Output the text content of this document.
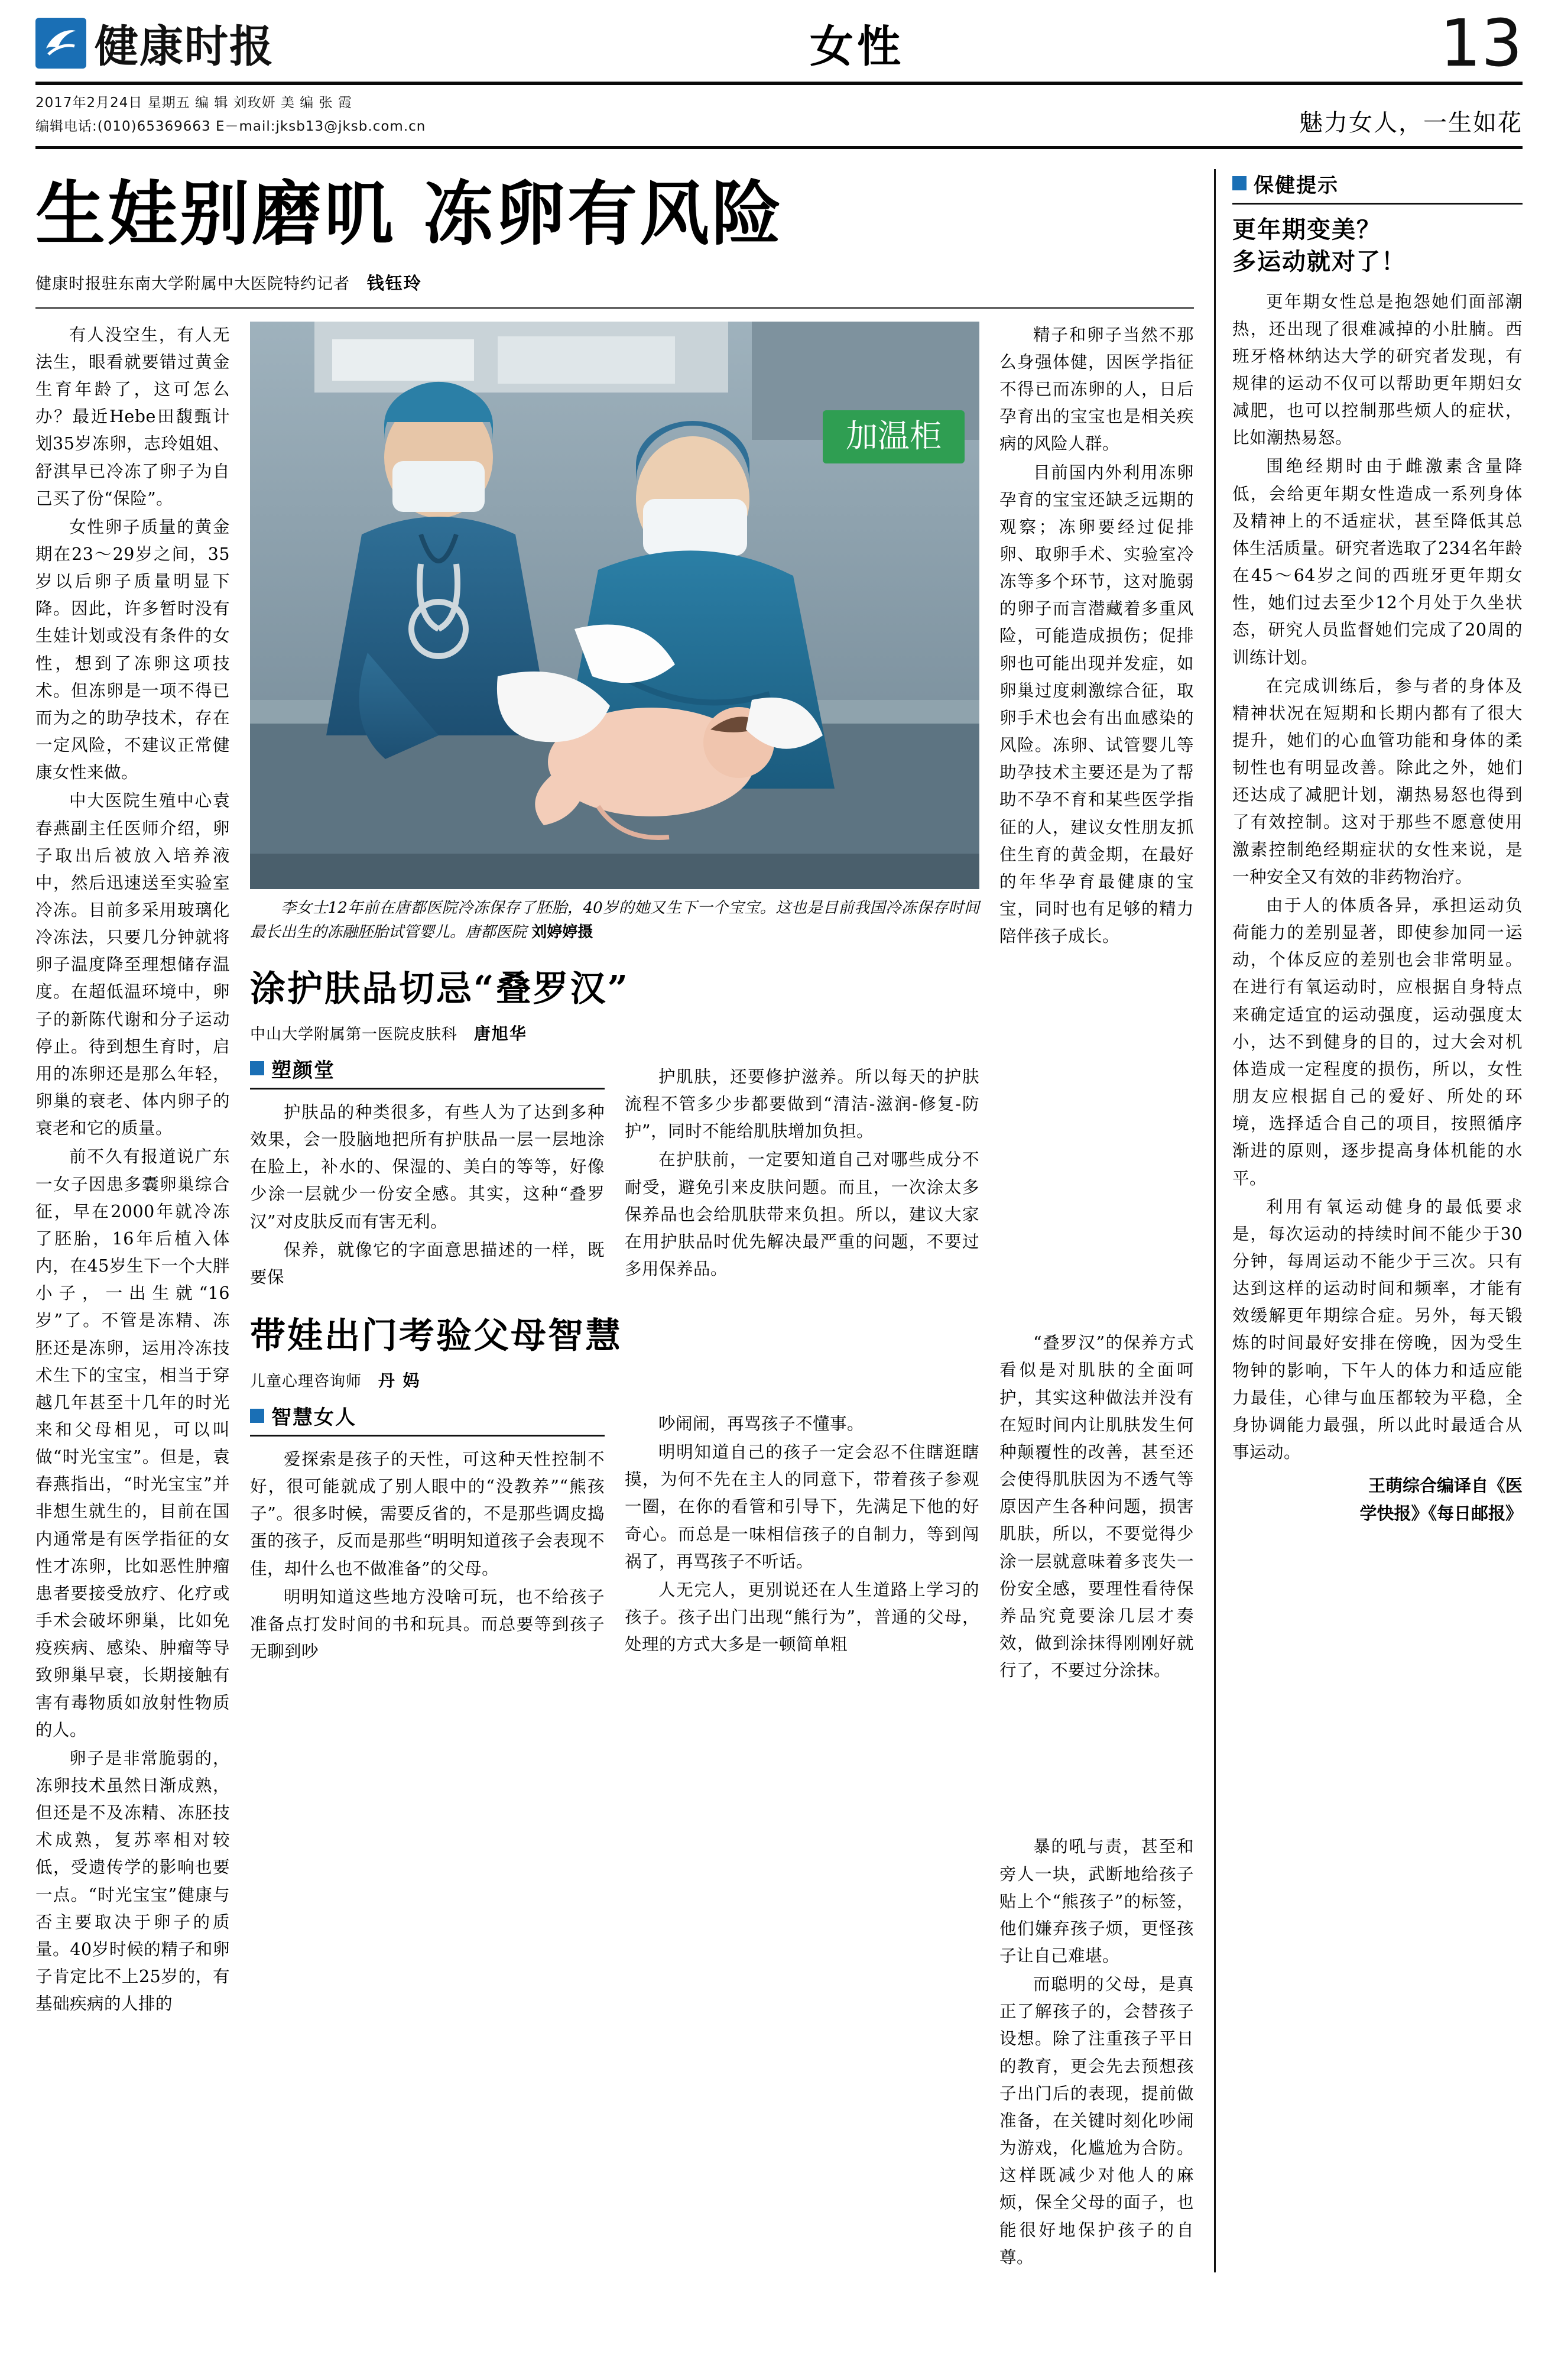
健康时报	女性	13
2017年2月24日 星期五 编 辑 刘玫妍 美 编 张 霞
编辑电话:(010)65369663 E－mail:jksb13@jksb.com.cn	魅力女人，一生如花
生娃别磨叽 冻卵有风险
健康时报驻东南大学附属中大医院特约记者 钱钰玲

有人没空生，有人无法生，眼看就要错过黄金生育年龄了，这可怎么办？最近Hebe田馥甄计划35岁冻卵，志玲姐姐、舒淇早已冷冻了卵子为自己买了份“保险”。

女性卵子质量的黄金期在23～29岁之间，35岁以后卵子质量明显下降。因此，许多暂时没有生娃计划或没有条件的女性，想到了冻卵这项技术。但冻卵是一项不得已而为之的助孕技术，存在一定风险，不建议正常健康女性来做。

中大医院生殖中心袁春燕副主任医师介绍，卵子取出后被放入培养液中，然后迅速送至实验室冷冻。目前多采用玻璃化冷冻法，只要几分钟就将卵子温度降至理想储存温度。在超低温环境中，卵子的新陈代谢和分子运动停止。待到想生育时，启用的冻卵还是那么年轻，卵巢的衰老、体内卵子的衰老和它的质量。

前不久有报道说广东一女子因患多囊卵巢综合征，早在2000年就冷冻了胚胎，16年后植入体内，在45岁生下一个大胖小子，一出生就“16岁”了。不管是冻精、冻胚还是冻卵，运用冷冻技术生下的宝宝，相当于穿越几年甚至十几年的时光来和父母相见，可以叫做“时光宝宝”。但是，袁春燕指出，“时光宝宝”并非想生就生的，目前在国内通常是有医学指征的女性才冻卵，比如恶性肿瘤患者要接受放疗、化疗或手术会破坏卵巢，比如免疫疾病、感染、肿瘤等导致卵巢早衰，长期接触有害有毒物质如放射性物质的人。

卵子是非常脆弱的，冻卵技术虽然日渐成熟，但还是不及冻精、冻胚技术成熟，复苏率相对较低，受遗传学的影响也要一点。“时光宝宝”健康与否主要取决于卵子的质量。40岁时候的精子和卵子肯定比不上25岁的，有基础疾病的人排的

加温柜

李女士12年前在唐都医院冷冻保存了胚胎，40岁的她又生下一个宝宝。这也是目前我国冷冻保存时间最长出生的冻融胚胎试管婴儿。唐都医院 刘婷婷摄

涂护肤品切忌“叠罗汉”
中山大学附属第一医院皮肤科 唐旭华
塑颜堂

护肤品的种类很多，有些人为了达到多种效果，会一股脑地把所有护肤品一层一层地涂在脸上，补水的、保湿的、美白的等等，好像少涂一层就少一份安全感。其实，这种“叠罗汉”对皮肤反而有害无利。

保养，就像它的字面意思描述的一样，既要保

护肌肤，还要修护滋养。所以每天的护肤流程不管多少步都要做到“清洁-滋润-修复-防护”，同时不能给肌肤增加负担。

在护肤前，一定要知道自己对哪些成分不耐受，避免引来皮肤问题。而且，一次涂太多保养品也会给肌肤带来负担。所以，建议大家在用护肤品时优先解决最严重的问题，不要过多用保养品。

带娃出门考验父母智慧
儿童心理咨询师 丹 妈
智慧女人

爱探索是孩子的天性，可这种天性控制不好，很可能就成了别人眼中的“没教养”“熊孩子”。很多时候，需要反省的，不是那些调皮捣蛋的孩子，反而是那些“明明知道孩子会表现不佳，却什么也不做准备”的父母。

明明知道这些地方没啥可玩，也不给孩子准备点打发时间的书和玩具。而总要等到孩子无聊到吵

吵闹闹，再骂孩子不懂事。

明明知道自己的孩子一定会忍不住瞎逛瞎摸，为何不先在主人的同意下，带着孩子参观一圈，在你的看管和引导下，先满足下他的好奇心。而总是一味相信孩子的自制力，等到闯祸了，再骂孩子不听话。

人无完人，更别说还在人生道路上学习的孩子。孩子出门出现“熊行为”，普通的父母，处理的方式大多是一顿简单粗

精子和卵子当然不那么身强体健，因医学指征不得已而冻卵的人，日后孕育出的宝宝也是相关疾病的风险人群。

目前国内外利用冻卵孕育的宝宝还缺乏远期的观察；冻卵要经过促排卵、取卵手术、实验室冷冻等多个环节，这对脆弱的卵子而言潜藏着多重风险，可能造成损伤；促排卵也可能出现并发症，如卵巢过度刺激综合征，取卵手术也会有出血感染的风险。冻卵、试管婴儿等助孕技术主要还是为了帮助不孕不育和某些医学指征的人，建议女性朋友抓住生育的黄金期，在最好的年华孕育最健康的宝宝，同时也有足够的精力陪伴孩子成长。

“叠罗汉”的保养方式看似是对肌肤的全面呵护，其实这种做法并没有在短时间内让肌肤发生何种颠覆性的改善，甚至还会使得肌肤因为不透气等原因产生各种问题，损害肌肤，所以，不要觉得少涂一层就意味着多丧失一份安全感，要理性看待保养品究竟要涂几层才奏效，做到涂抹得刚刚好就行了，不要过分涂抹。

暴的吼与责，甚至和旁人一块，武断地给孩子贴上个“熊孩子”的标签，他们嫌弃孩子烦，更怪孩子让自己难堪。

而聪明的父母，是真正了解孩子的，会替孩子设想。除了注重孩子平日的教育，更会先去预想孩子出门后的表现，提前做准备，在关键时刻化吵闹为游戏，化尴尬为合防。这样既减少对他人的麻烦，保全父母的面子，也能很好地保护孩子的自尊。

保健提示
更年期变美？
多运动就对了！

更年期女性总是抱怨她们面部潮热，还出现了很难减掉的小肚腩。西班牙格林纳达大学的研究者发现，有规律的运动不仅可以帮助更年期妇女减肥，也可以控制那些烦人的症状，比如潮热易怒。

围绝经期时由于雌激素含量降低，会给更年期女性造成一系列身体及精神上的不适症状，甚至降低其总体生活质量。研究者选取了234名年龄在45～64岁之间的西班牙更年期女性，她们过去至少12个月处于久坐状态，研究人员监督她们完成了20周的训练计划。

在完成训练后，参与者的身体及精神状况在短期和长期内都有了很大提升，她们的心血管功能和身体的柔韧性也有明显改善。除此之外，她们还达成了减肥计划，潮热易怒也得到了有效控制。这对于那些不愿意使用激素控制绝经期症状的女性来说，是一种安全又有效的非药物治疗。

由于人的体质各异，承担运动负荷能力的差别显著，即使参加同一运动，个体反应的差别也会非常明显。在进行有氧运动时，应根据自身特点来确定适宜的运动强度，运动强度太小，达不到健身的目的，过大会对机体造成一定程度的损伤，所以，女性朋友应根据自己的爱好、所处的环境，选择适合自己的项目，按照循序渐进的原则，逐步提高身体机能的水平。

利用有氧运动健身的最低要求是，每次运动的持续时间不能少于30分钟，每周运动不能少于三次。只有达到这样的运动时间和频率，才能有效缓解更年期综合症。另外，每天锻炼的时间最好安排在傍晚，因为受生物钟的影响，下午人的体力和适应能力最佳，心律与血压都较为平稳，全身协调能力最强，所以此时最适合从事运动。

王萌综合编译自《医
学快报》《每日邮报》
